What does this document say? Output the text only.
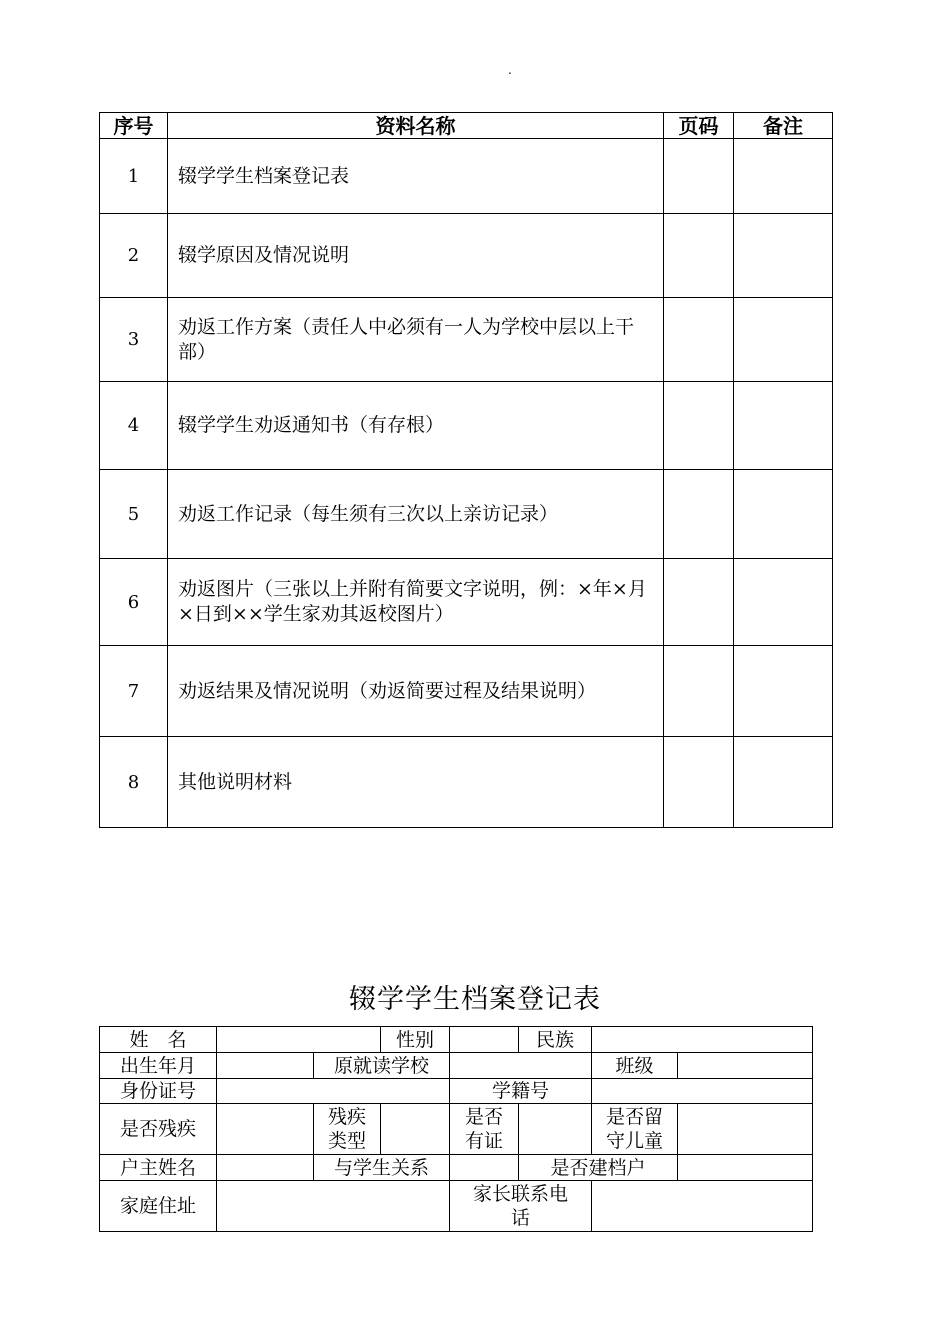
.
序号	资料名称	页码	备注
1	辍学学生档案登记表		
2	辍学原因及情况说明		
3	劝返工作方案（责任人中必须有一人为学校中层以上干部）		
4	辍学学生劝返通知书（有存根）		
5	劝返工作记录（每生须有三次以上亲访记录）		
6	劝返图片（三张以上并附有简要文字说明，例：×年×月×日到××学生家劝其返校图片）		
7	劝返结果及情况说明（劝返简要过程及结果说明）		
8	其他说明材料		
辍学学生档案登记表
姓　名			性别		民族		
出生年月		原就读学校				班级	
身份证号				学籍号			
是否残疾		残疾类型		是否有证		是否留守儿童	
户主姓名		与学生关系			是否建档户		
家庭住址				家长联系电话			
